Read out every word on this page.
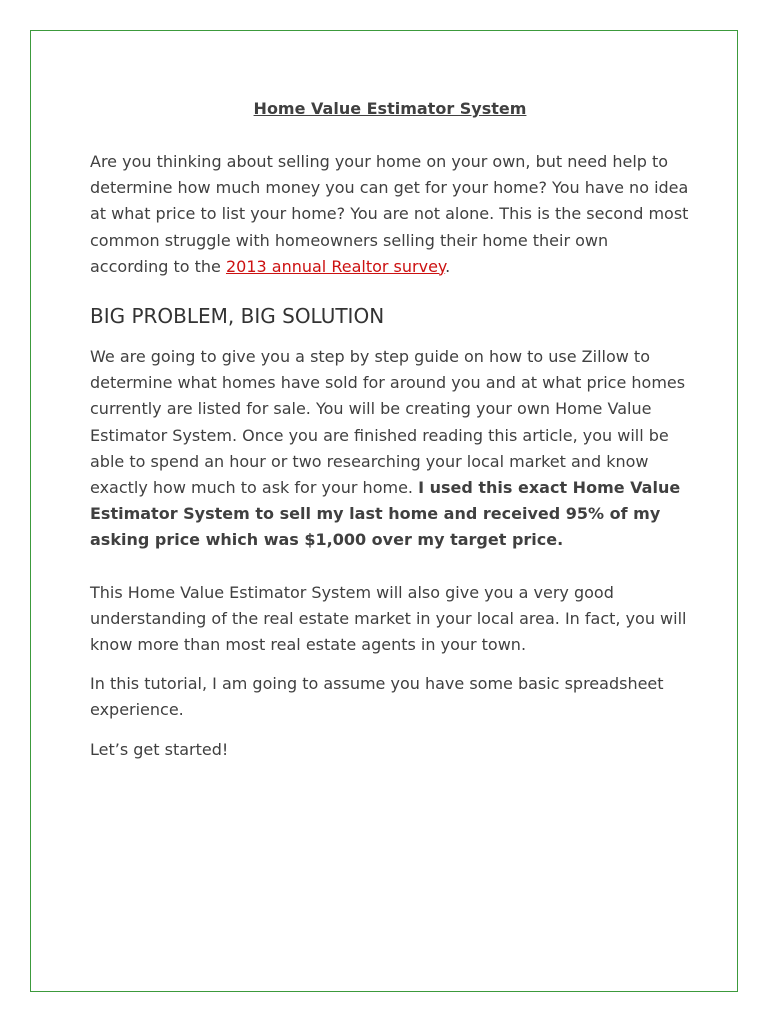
Home Value Estimator System

Are you thinking about selling your home on your own, but need help to determine how much money you can get for your home? You have no idea at what price to list your home? You are not alone. This is the second most common struggle with homeowners selling their home their own according to the 2013 annual Realtor survey.

BIG PROBLEM, BIG SOLUTION

We are going to give you a step by step guide on how to use Zillow to determine what homes have sold for around you and at what price homes currently are listed for sale. You will be creating your own Home Value Estimator System. Once you are finished reading this article, you will be able to spend an hour or two researching your local market and know exactly how much to ask for your home. I used this exact Home Value Estimator System to sell my last home and received 95% of my asking price which was $1,000 over my target price.

This Home Value Estimator System will also give you a very good understanding of the real estate market in your local area. In fact, you will know more than most real estate agents in your town.

In this tutorial, I am going to assume you have some basic spreadsheet experience.

Let’s get started!
